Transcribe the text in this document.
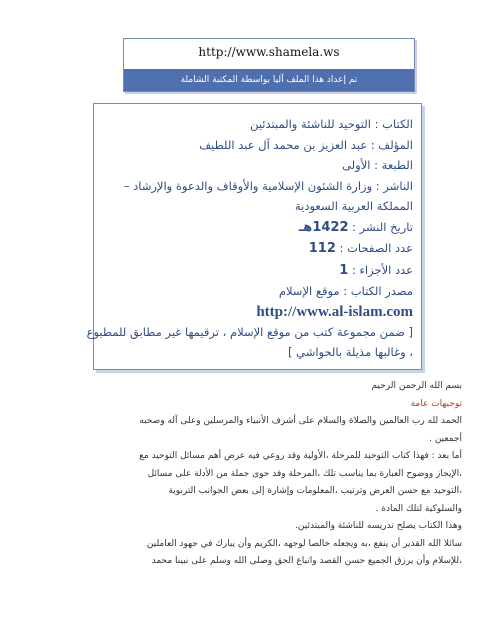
http://www.shamela.ws
تم إعداد هذا الملف آليا بواسطة المكتبة الشاملة
الكتاب : التوحيد للناشئة والمبتدئين
المؤلف : عبد العزيز بن محمد آل عبد اللطيف
الطبعة : الأولى
الناشر : وزارة الشئون الإسلامية والأوقاف والدعوة والإرشاد –
المملكة العربية السعودية
تاريخ النشر : 1422هـ
عدد الصفحات : 112
عدد الأجزاء : 1
مصدر الكتاب : موقع الإسلام
http://www.al-islam.com
[ ضمن مجموعة كتب من موقع الإسلام ، ترقيمها غير مطابق للمطبوع
، وغالبها مذيلة بالحواشي ]
بسم الله الرحمن الرحيم
توجيهات عامة
الحمد لله رب العالمين والصلاة والسلام على أشرف الأنبياء والمرسلين وعلى آله وصحبه
أجمعين .
أما بعد : فهذا كتاب التوحيد للمرحلة ،الأولية وقد روعي فيه عرض أهم مسائل التوحيد مع
،الإيجاز ووضوح العبارة بما يناسب تلك ،المرحلة وقد حوى جملة من الأدلة على مسائل
،التوحيد مع حسن العرض وترتيب ،المعلومات وإشارة إلى بعض الجوانب التربوية
والسلوكية لتلك المادة .
وهذا الكتاب يصلح تدريسه للناشئة والمبتدئين.
سائلا الله القدير أن ينفع ،به ويجعله خالصا لوجهه ،الكريم وأن يبارك في جهود العاملين
،للإسلام وأن يرزق الجميع حسن القصد واتباع الحق وصلى الله وسلم على نبينا محمد
